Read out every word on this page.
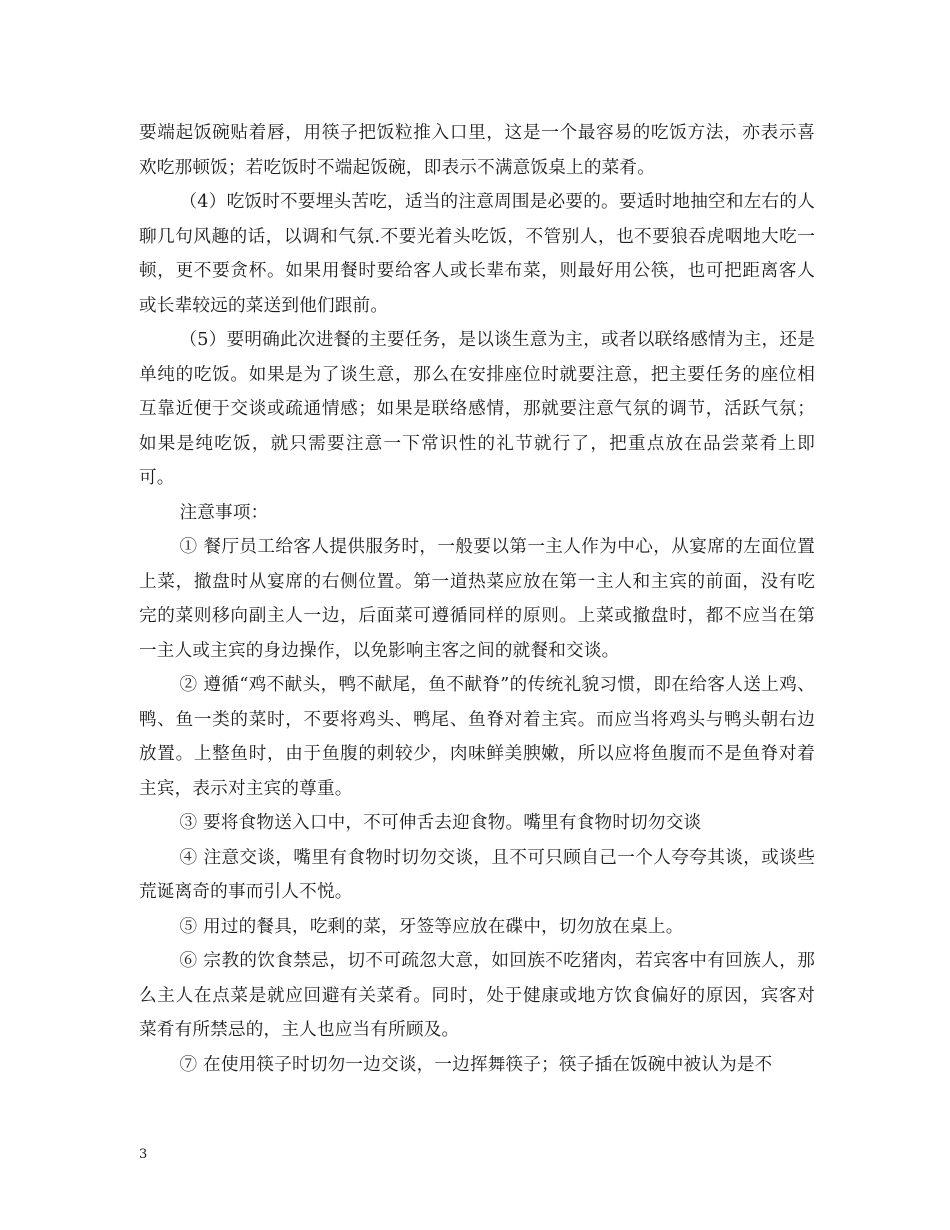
要端起饭碗贴着唇，用筷子把饭粒推入口里，这是一个最容易的吃饭方法，亦表示喜欢吃那顿饭；若吃饭时不端起饭碗，即表示不满意饭桌上的菜肴。

（4）吃饭时不要埋头苦吃，适当的注意周围是必要的。要适时地抽空和左右的人聊几句风趣的话，以调和气氛.不要光着头吃饭，不管别人，也不要狼吞虎咽地大吃一顿，更不要贪杯。如果用餐时要给客人或长辈布菜，则最好用公筷，也可把距离客人或长辈较远的菜送到他们跟前。

（5）要明确此次进餐的主要任务，是以谈生意为主，或者以联络感情为主，还是单纯的吃饭。如果是为了谈生意，那么在安排座位时就要注意，把主要任务的座位相互靠近便于交谈或疏通情感；如果是联络感情，那就要注意气氛的调节，活跃气氛；如果是纯吃饭，就只需要注意一下常识性的礼节就行了，把重点放在品尝菜肴上即可。

注意事项：

① 餐厅员工给客人提供服务时，一般要以第一主人作为中心，从宴席的左面位置上菜，撤盘时从宴席的右侧位置。第一道热菜应放在第一主人和主宾的前面，没有吃完的菜则移向副主人一边，后面菜可遵循同样的原则。上菜或撤盘时，都不应当在第一主人或主宾的身边操作，以免影响主客之间的就餐和交谈。

② 遵循“鸡不献头，鸭不献尾，鱼不献脊”的传统礼貌习惯，即在给客人送上鸡、鸭、鱼一类的菜时，不要将鸡头、鸭尾、鱼脊对着主宾。而应当将鸡头与鸭头朝右边放置。上整鱼时，由于鱼腹的刺较少，肉味鲜美腴嫩，所以应将鱼腹而不是鱼脊对着主宾，表示对主宾的尊重。

③ 要将食物送入口中，不可伸舌去迎食物。嘴里有食物时切勿交谈

④ 注意交谈，嘴里有食物时切勿交谈，且不可只顾自己一个人夸夸其谈，或谈些荒诞离奇的事而引人不悦。

⑤ 用过的餐具，吃剩的菜，牙签等应放在碟中，切勿放在桌上。

⑥ 宗教的饮食禁忌，切不可疏忽大意，如回族不吃猪肉，若宾客中有回族人，那么主人在点菜是就应回避有关菜肴。同时，处于健康或地方饮食偏好的原因，宾客对菜肴有所禁忌的，主人也应当有所顾及。

⑦ 在使用筷子时切勿一边交谈，一边挥舞筷子；筷子插在饭碗中被认为是不

3
